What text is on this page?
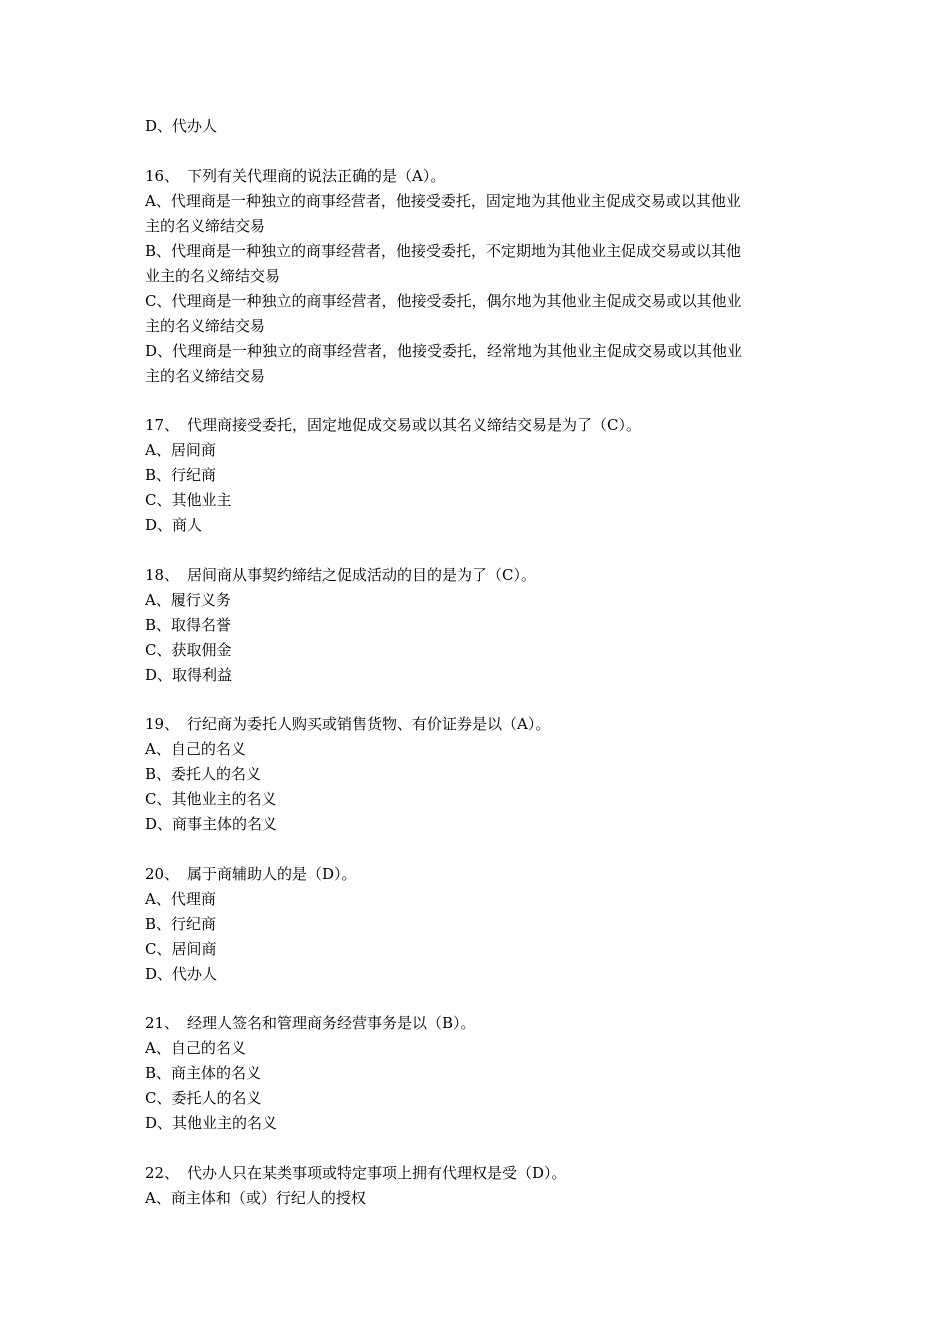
D、代办人
16、 下列有关代理商的说法正确的是（A）。
A、代理商是一种独立的商事经营者，他接受委托，固定地为其他业主促成交易或以其他业
主的名义缔结交易
B、代理商是一种独立的商事经营者，他接受委托，不定期地为其他业主促成交易或以其他
业主的名义缔结交易
C、代理商是一种独立的商事经营者，他接受委托，偶尔地为其他业主促成交易或以其他业
主的名义缔结交易
D、代理商是一种独立的商事经营者，他接受委托，经常地为其他业主促成交易或以其他业
主的名义缔结交易
17、 代理商接受委托，固定地促成交易或以其名义缔结交易是为了（C）。
A、居间商
B、行纪商
C、其他业主
D、商人
18、 居间商从事契约缔结之促成活动的目的是为了（C）。
A、履行义务
B、取得名誉
C、获取佣金
D、取得利益
19、 行纪商为委托人购买或销售货物、有价证券是以（A）。
A、自己的名义
B、委托人的名义
C、其他业主的名义
D、商事主体的名义
20、 属于商辅助人的是（D）。
A、代理商
B、行纪商
C、居间商
D、代办人
21、 经理人签名和管理商务经营事务是以（B）。
A、自己的名义
B、商主体的名义
C、委托人的名义
D、其他业主的名义
22、 代办人只在某类事项或特定事项上拥有代理权是受（D）。
A、商主体和（或）行纪人的授权
